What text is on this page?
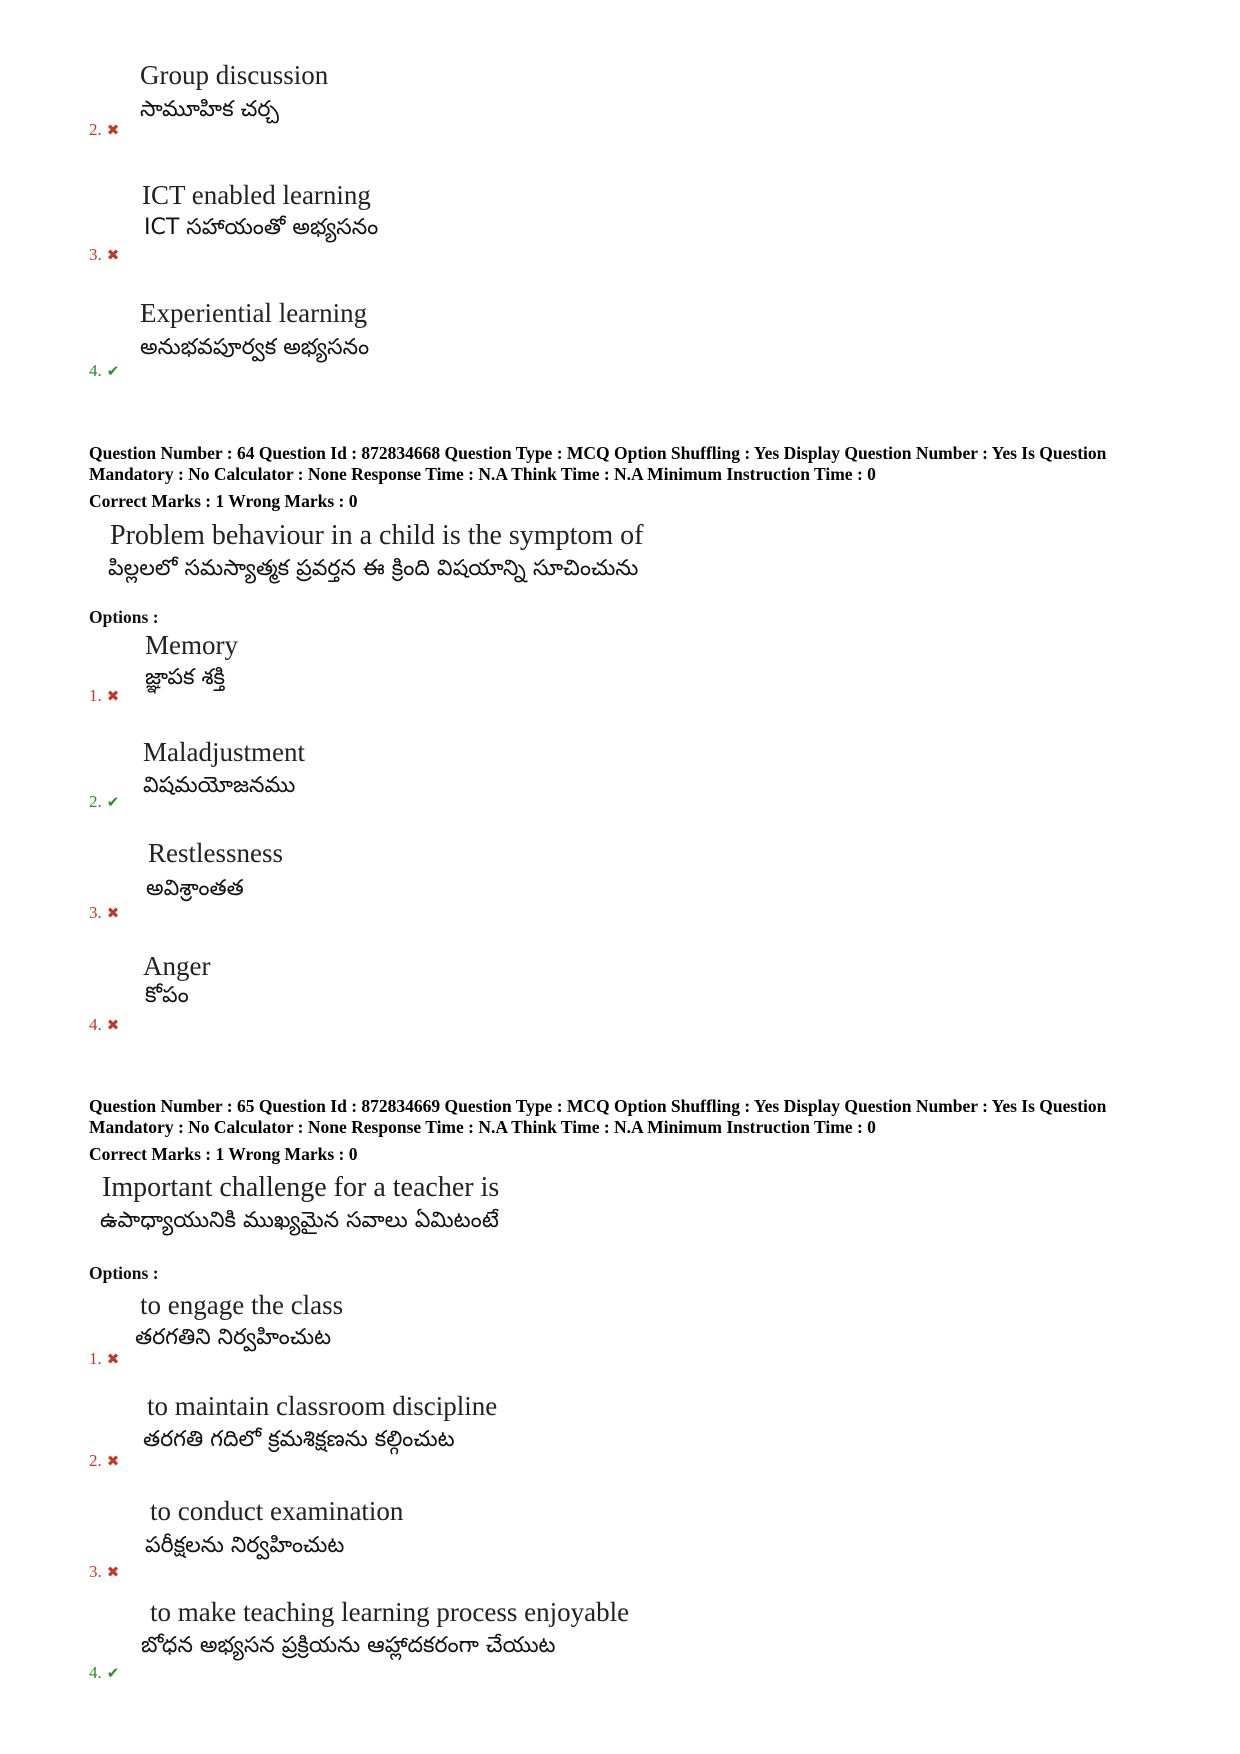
Group discussion
సామూహిక చర్చ
2. ✖
ICT enabled learning
ICT సహాయంతో అభ్యసనం
3. ✖
Experiential learning
అనుభవపూర్వక అభ్యసనం
4. ✔
Question Number : 64 Question Id : 872834668 Question Type : MCQ Option Shuffling : Yes Display Question Number : Yes Is Question Mandatory : No Calculator : None Response Time : N.A Think Time : N.A Minimum Instruction Time : 0
Correct Marks : 1 Wrong Marks : 0
Problem behaviour in a child is the symptom of
పిల్లలలో సమస్యాత్మక ప్రవర్తన ఈ క్రింది విషయాన్ని సూచించును
Options :
Memory
జ్ఞాపక శక్తి
1. ✖
Maladjustment
విషమయోజనము
2. ✔
Restlessness
అవిశ్రాంతత
3. ✖
Anger
కోపం
4. ✖
Question Number : 65 Question Id : 872834669 Question Type : MCQ Option Shuffling : Yes Display Question Number : Yes Is Question Mandatory : No Calculator : None Response Time : N.A Think Time : N.A Minimum Instruction Time : 0
Correct Marks : 1 Wrong Marks : 0
Important challenge for a teacher is
ఉపాధ్యాయునికి ముఖ్యమైన సవాలు ఏమిటంటే
Options :
to engage the class
తరగతిని నిర్వహించుట
1. ✖
to maintain classroom discipline
తరగతి గదిలో క్రమశిక్షణను కల్గించుట
2. ✖
to conduct examination
పరీక్షలను నిర్వహించుట
3. ✖
to make teaching learning process enjoyable
బోధన అభ్యసన ప్రక్రియను ఆహ్లాదకరంగా చేయుట
4. ✔
